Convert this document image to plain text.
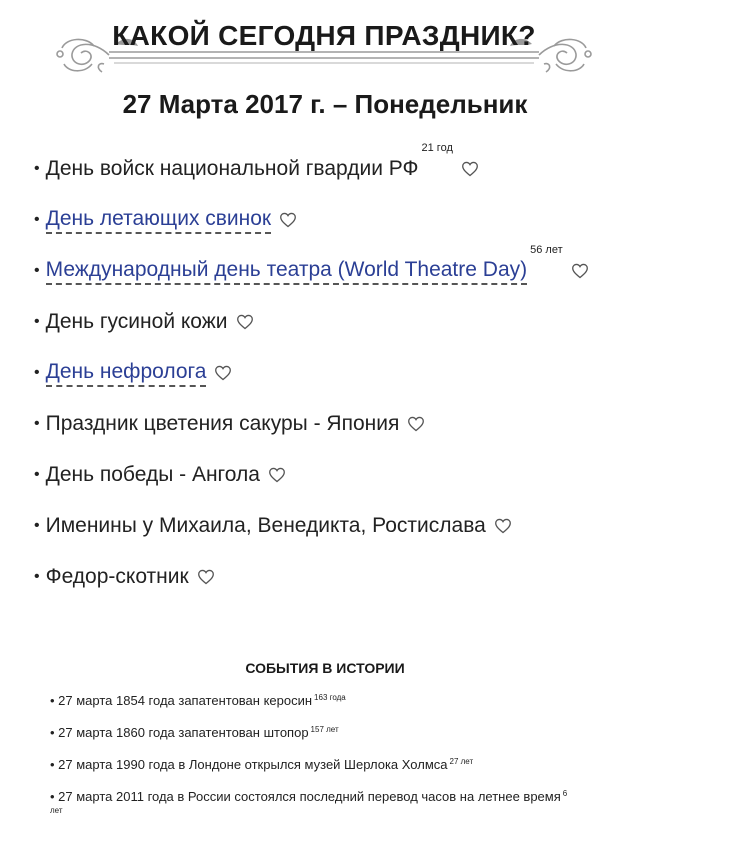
КАКОЙ СЕГОДНЯ ПРАЗДНИК?
27 Марта 2017 г. – Понедельник
• День войск национальной гвардии РФ
21 год
• День летающих свинок
• Международный день театра (World Theatre Day)
56 лет
• День гусиной кожи
• День нефролога
• Праздник цветения сакуры - Япония
• День победы - Ангола
• Именины у Михаила, Венедикта, Ростислава
• Федор-скотник
СОБЫТИЯ В ИСТОРИИ
• 27 марта 1854 года запатентован керосин $^{163 года}$
• 27 марта 1860 года запатентован штопор $^{157 лет}$
• 27 марта 1990 года в Лондоне открылся музей Шерлока Холмса $^{27 лет}$
• 27 марта 2011 года в России состоялся последний перевод часов на летнее время $^{6 лет}$
